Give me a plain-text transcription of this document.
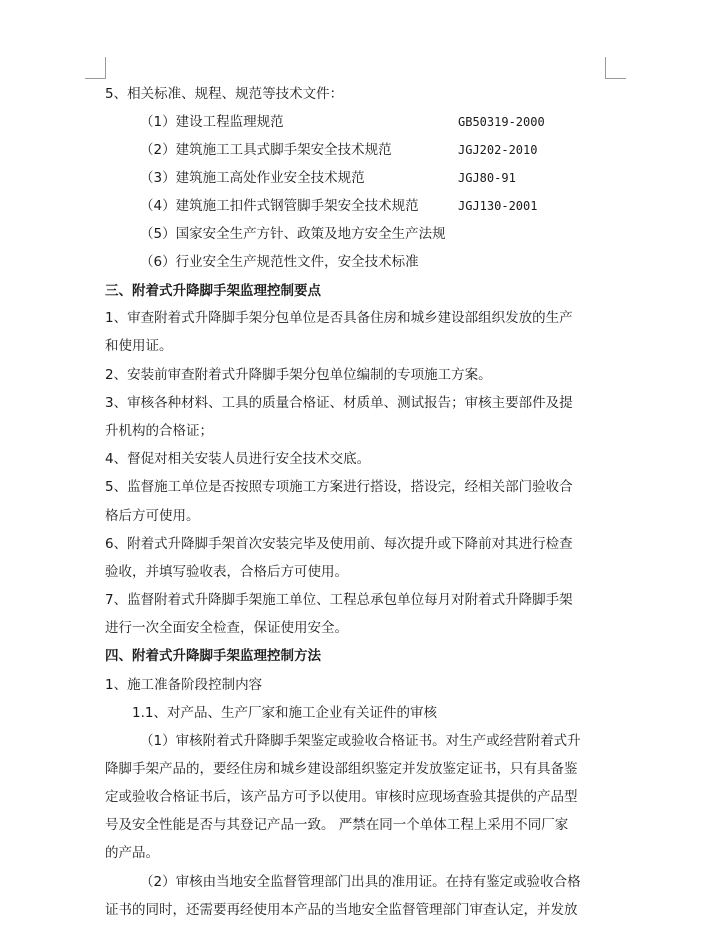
5、相关标准、规程、规范等技术文件：
（1）建设工程监理规范	GB50319-2000
（2）建筑施工工具式脚手架安全技术规范	JGJ202-2010
（3）建筑施工高处作业安全技术规范	JGJ80-91
（4）建筑施工扣件式钢管脚手架安全技术规范	JGJ130-2001
（5）国家安全生产方针、政策及地方安全生产法规
（6）行业安全生产规范性文件，安全技术标准
三、附着式升降脚手架监理控制要点
1、审查附着式升降脚手架分包单位是否具备住房和城乡建设部组织发放的生产
和使用证。
2、安装前审查附着式升降脚手架分包单位编制的专项施工方案。
3、审核各种材料、工具的质量合格证、材质单、测试报告；审核主要部件及提
升机构的合格证；
4、督促对相关安装人员进行安全技术交底。
5、监督施工单位是否按照专项施工方案进行搭设，搭设完，经相关部门验收合
格后方可使用。
6、附着式升降脚手架首次安装完毕及使用前、每次提升或下降前对其进行检查
验收，并填写验收表，合格后方可使用。
7、监督附着式升降脚手架施工单位、工程总承包单位每月对附着式升降脚手架
进行一次全面安全检查，保证使用安全。
四、附着式升降脚手架监理控制方法
1、施工准备阶段控制内容
1.1、对产品、生产厂家和施工企业有关证件的审核
（1）审核附着式升降脚手架鉴定或验收合格证书。对生产或经营附着式升
降脚手架产品的，要经住房和城乡建设部组织鉴定并发放鉴定证书，只有具备鉴
定或验收合格证书后，该产品方可予以使用。审核时应现场查验其提供的产品型
号及安全性能是否与其登记产品一致。 严禁在同一个单体工程上采用不同厂家
的产品。
（2）审核由当地安全监督管理部门出具的准用证。在持有鉴定或验收合格
证书的同时，还需要再经使用本产品的当地安全监督管理部门审查认定，并发放
